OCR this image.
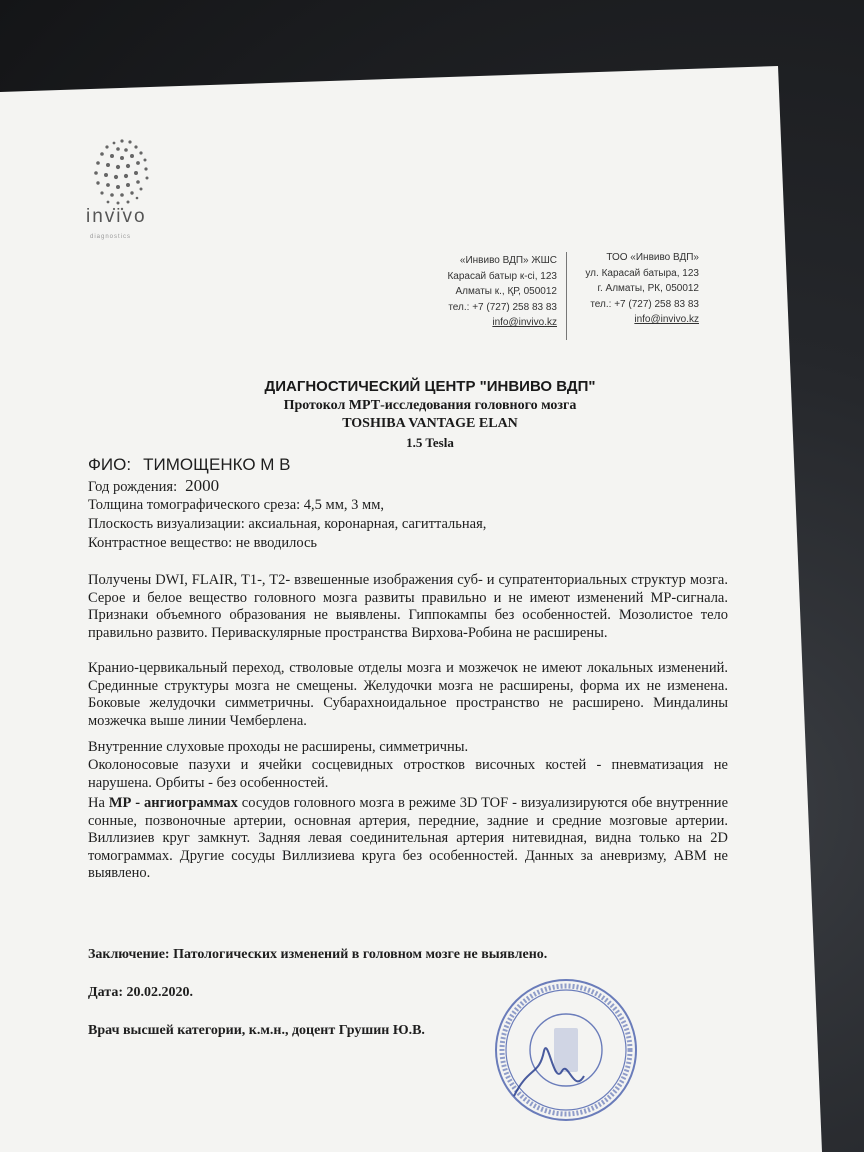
invivo
diagnostics
«Инвиво ВДП» ЖШС
Карасай батыр к-сі, 123
Алматы к., ҚР, 050012
тел.: +7 (727) 258 83 83
info@invivo.kz
ТОО «Инвиво ВДП»
ул. Карасай батыра, 123
г. Алматы, РК, 050012
тел.: +7 (727) 258 83 83
info@invivo.kz
ДИАГНОСТИЧЕСКИЙ ЦЕНТР "ИНВИВО ВДП"
Протокол МРТ-исследования головного мозга
TOSHIBA VANTAGE ELAN
1.5 Tesla
ФИО: ТИМОЩЕНКО М В
Год рождения: 2000
Толщина томографического среза: 4,5 мм, 3 мм,
Плоскость визуализации: аксиальная, коронарная, сагиттальная,
Контрастное вещество: не вводилось
Получены DWI, FLAIR, T1-, T2- взвешенные изображения суб- и супратенториальных структур мозга. Серое и белое вещество головного мозга развиты правильно и не имеют изменений МР-сигнала. Признаки объемного образования не выявлены. Гиппокампы без особенностей. Мозолистое тело правильно развито. Периваскулярные пространства Вирхова-Робина не расширены.
Кранио-цервикальный переход, стволовые отделы мозга и мозжечок не имеют локальных изменений. Срединные структуры мозга не смещены. Желудочки мозга не расширены, форма их не изменена. Боковые желудочки симметричны. Субарахноидальное пространство не расширено. Миндалины мозжечка выше линии Чемберлена.
Внутренние слуховые проходы не расширены, симметричны.
Околоносовые пазухи и ячейки сосцевидных отростков височных костей - пневматизация не нарушена. Орбиты - без особенностей.
На МР - ангиограммах сосудов головного мозга в режиме 3D TOF - визуализируются обе внутренние сонные, позвоночные артерии, основная артерия, передние, задние и средние мозговые артерии. Виллизиев круг замкнут. Задняя левая соединительная артерия нитевидная, видна только на 2D томограммах. Другие сосуды Виллизиева круга без особенностей. Данных за аневризму, АВМ не выявлено.
Заключение: Патологических изменений в головном мозге не выявлено.
Дата: 20.02.2020.
Врач высшей категории, к.м.н., доцент Грушин Ю.В.
